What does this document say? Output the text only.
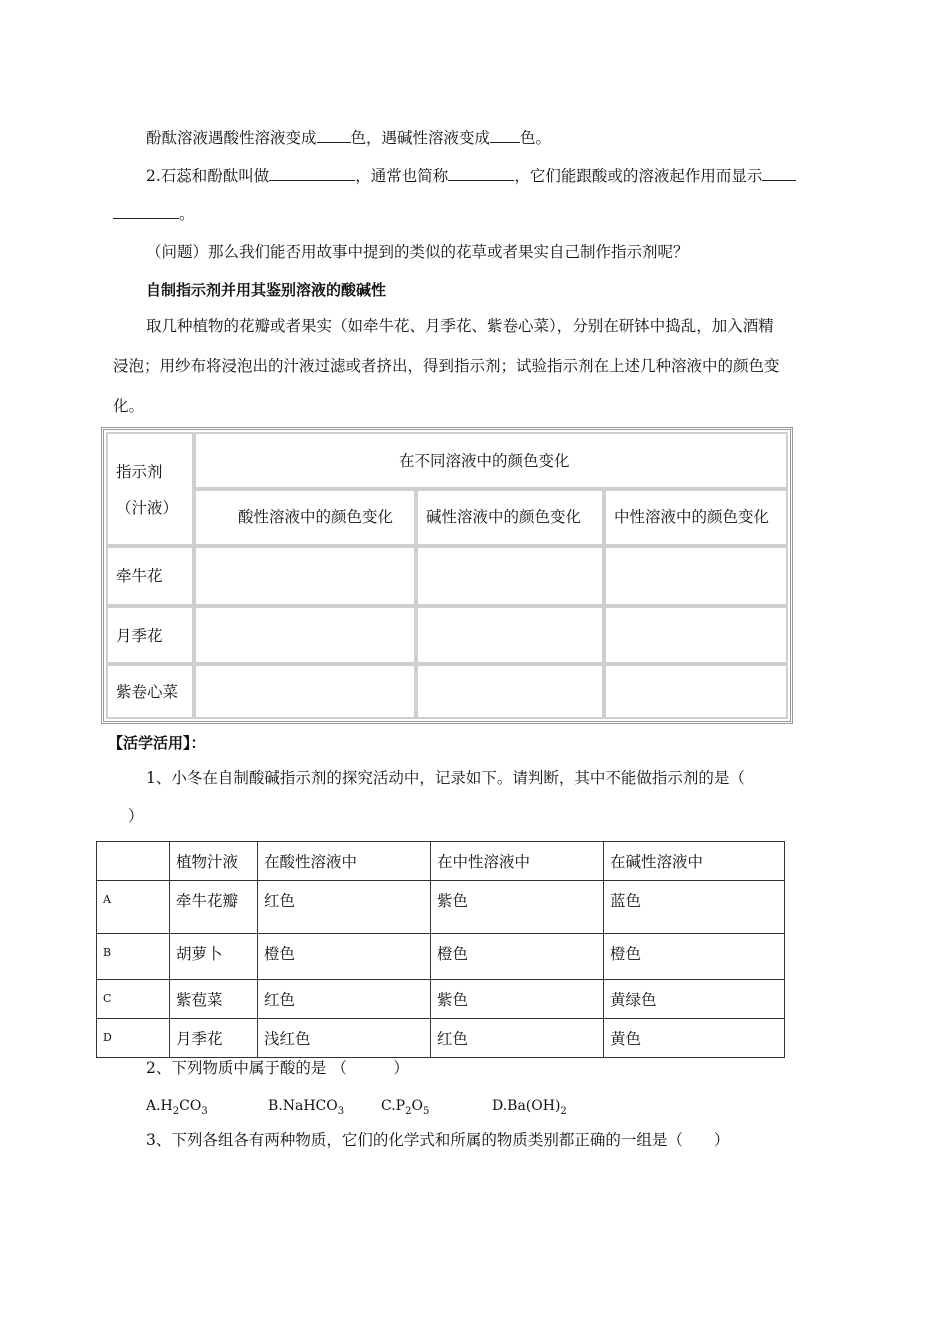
酚酞溶液遇酸性溶液变成 色，遇碱性溶液变成 色。
2.石蕊和酚酞叫做	，通常也简称	，它们能跟酸或的溶液起作用而显示
。
（问题）那么我们能否用故事中提到的类似的花草或者果实自己制作指示剂呢？
自制指示剂并用其鉴别溶液的酸碱性
取几种植物的花瓣或者果实（如牵牛花、月季花、紫卷心菜），分别在研钵中捣乱，加入酒精
浸泡；用纱布将浸泡出的汁液过滤或者挤出，得到指示剂；试验指示剂在上述几种溶液中的颜色变
化。
指示剂
（汁液）
在不同溶液中的颜色变化
酸性溶液中的颜色变化 碱性溶液中的颜色变化 中性溶液中的颜色变化
牵牛花
月季花
紫卷心菜
【活学活用】：
1、小冬在自制酸碱指示剂的探究活动中，记录如下。请判断，其中不能做指示剂的是（
）
	植物汁液	在酸性溶液中	在中性溶液中	在碱性溶液中
A	牵牛花瓣	红色	紫色	蓝色
B	胡萝卜	橙色	橙色	橙色
C	紫苞菜	红色	紫色	黄绿色
D	月季花	浅红色	红色	黄色
2、下列物质中属于酸的是 （　　　）
$A.H_2CO_3$	B.NaHCO$_3$	$C.P_2O_5$	$D.Ba(OH)_2$
3、下列各组各有两种物质，它们的化学式和所属的物质类别都正确的一组是（　　）
